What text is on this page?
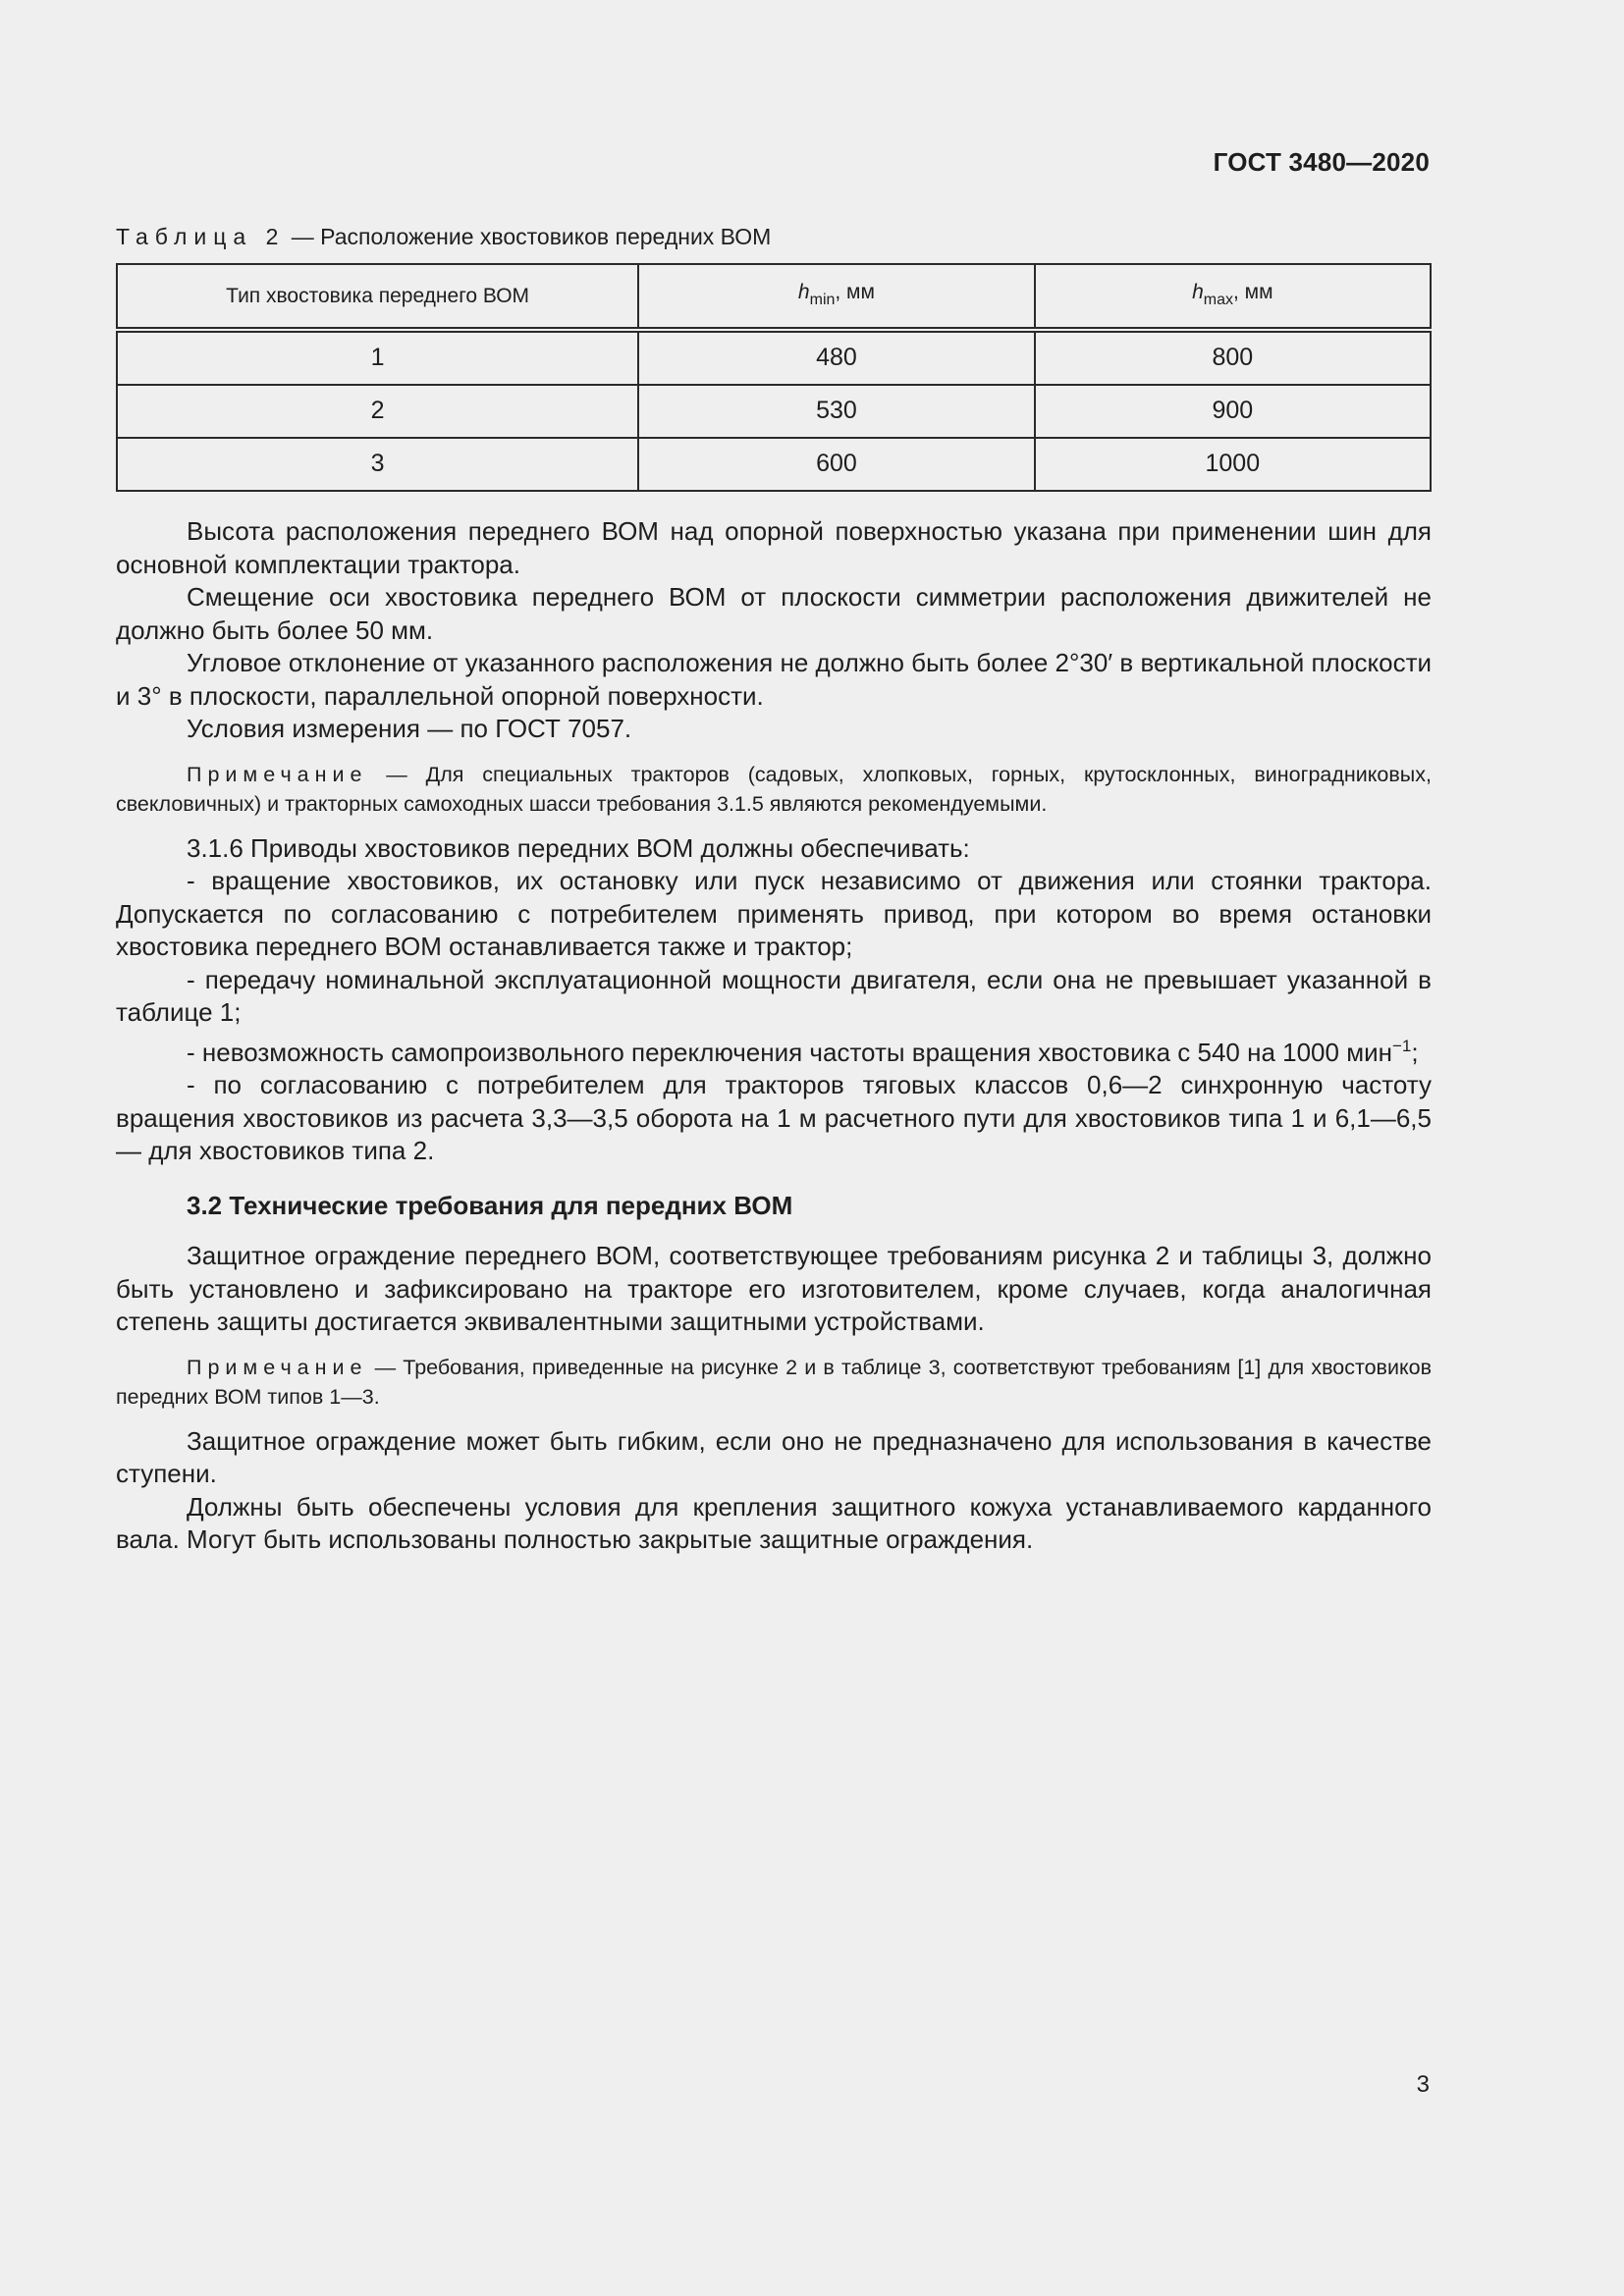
ГОСТ 3480—2020
Таблица 2 — Расположение хвостовиков передних ВОМ
Тип хвостовика переднего ВОМ	$h_{min}$, мм	$h_{max}$, мм
1	480	800
2	530	900
3	600	1000

Высота расположения переднего ВОМ над опорной поверхностью указана при применении шин для основной комплектации трактора.

Смещение оси хвостовика переднего ВОМ от плоскости симметрии расположения движителей не должно быть более 50 мм.

Угловое отклонение от указанного расположения не должно быть более 2°30′ в вертикальной плоскости и 3° в плоскости, параллельной опорной поверхности.

Условия измерения — по ГОСТ 7057.

Примечание — Для специальных тракторов (садовых, хлопковых, горных, крутосклонных, виноградниковых, свекловичных) и тракторных самоходных шасси требования 3.1.5 являются рекомендуемыми.

3.1.6 Приводы хвостовиков передних ВОМ должны обеспечивать:

- вращение хвостовиков, их остановку или пуск независимо от движения или стоянки трактора. Допускается по согласованию с потребителем применять привод, при котором во время остановки хвостовика переднего ВОМ останавливается также и трактор;

- передачу номинальной эксплуатационной мощности двигателя, если она не превышает указанной в таблице 1;

- невозможность самопроизвольного переключения частоты вращения хвостовика с 540 на 1000 мин$^{-1}$;

- по согласованию с потребителем для тракторов тяговых классов 0,6—2 синхронную частоту вращения хвостовиков из расчета 3,3—3,5 оборота на 1 м расчетного пути для хвостовиков типа 1 и 6,1—6,5 — для хвостовиков типа 2.

3.2 Технические требования для передних ВОМ

Защитное ограждение переднего ВОМ, соответствующее требованиям рисунка 2 и таблицы 3, должно быть установлено и зафиксировано на тракторе его изготовителем, кроме случаев, когда аналогичная степень защиты достигается эквивалентными защитными устройствами.

Примечание — Требования, приведенные на рисунке 2 и в таблице 3, соответствуют требованиям [1] для хвостовиков передних ВОМ типов 1—3.

Защитное ограждение может быть гибким, если оно не предназначено для использования в качестве ступени.

Должны быть обеспечены условия для крепления защитного кожуха устанавливаемого карданного вала. Могут быть использованы полностью закрытые защитные ограждения.

3
